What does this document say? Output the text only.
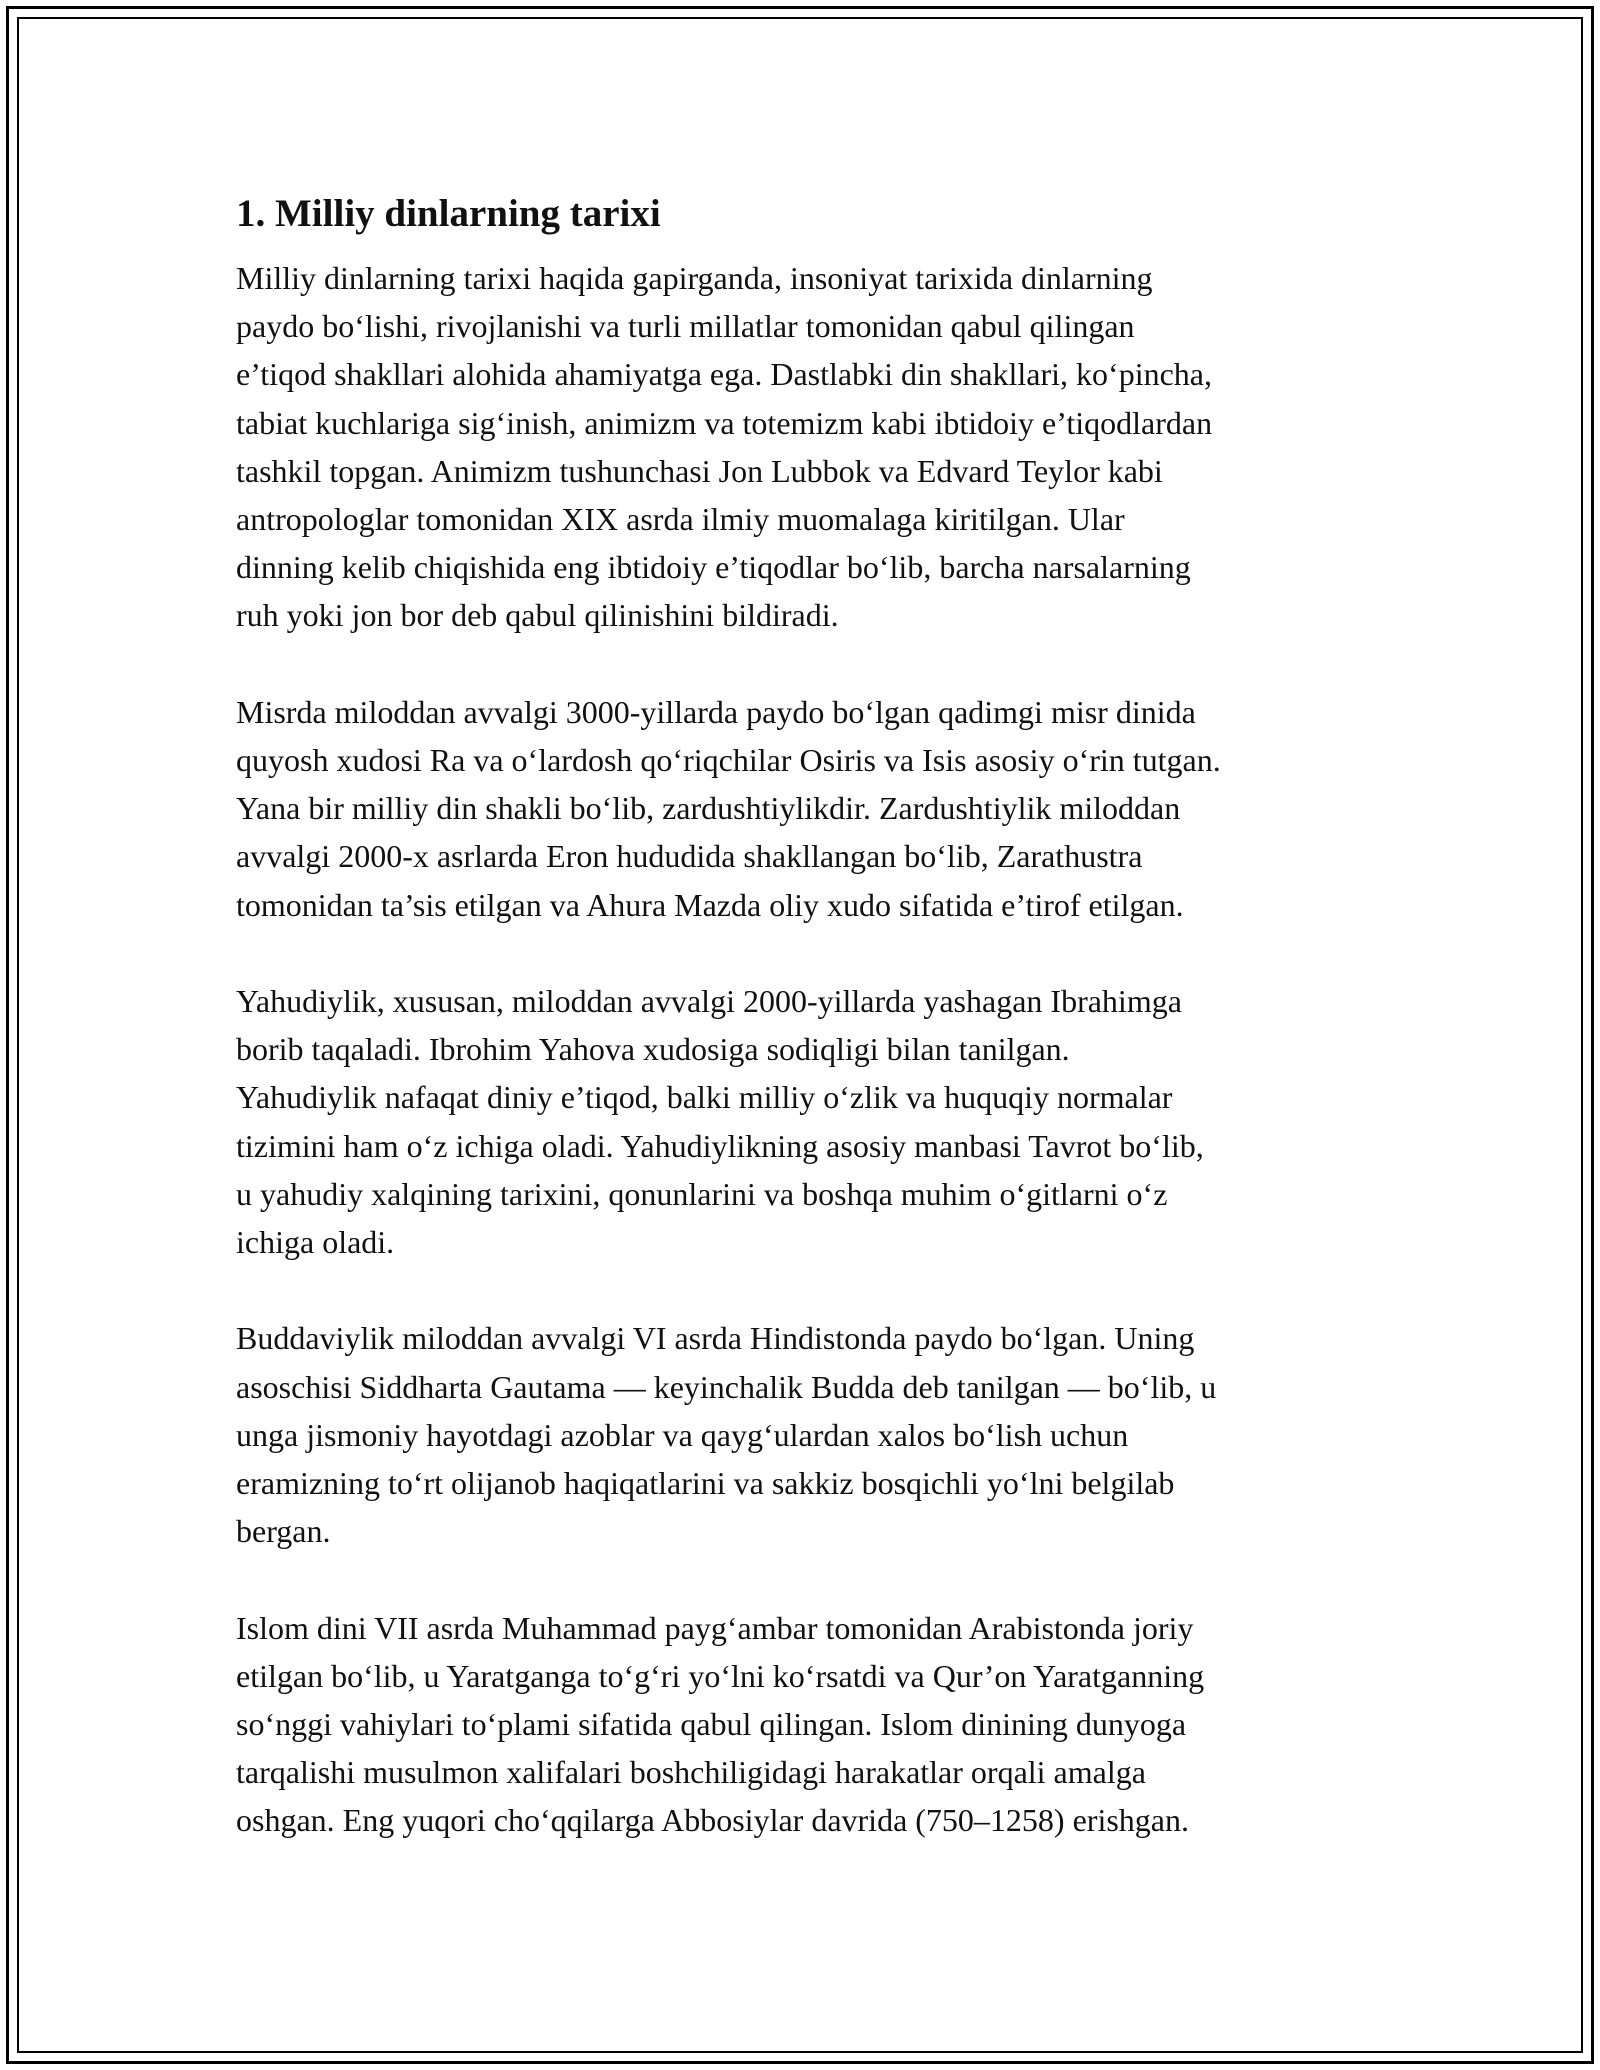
1. Milliy dinlarning tarixi

Milliy dinlarning tarixi haqida gapirganda, insoniyat tarixida dinlarning
paydo bo‘lishi, rivojlanishi va turli millatlar tomonidan qabul qilingan
e’tiqod shakllari alohida ahamiyatga ega. Dastlabki din shakllari, ko‘pincha,
tabiat kuchlariga sig‘inish, animizm va totemizm kabi ibtidoiy e’tiqodlardan
tashkil topgan. Animizm tushunchasi Jon Lubbok va Edvard Teylor kabi
antropologlar tomonidan XIX asrda ilmiy muomalaga kiritilgan. Ular
dinning kelib chiqishida eng ibtidoiy e’tiqodlar bo‘lib, barcha narsalarning
ruh yoki jon bor deb qabul qilinishini bildiradi.

Misrda miloddan avvalgi 3000-yillarda paydo bo‘lgan qadimgi misr dinida
quyosh xudosi Ra va o‘lardosh qo‘riqchilar Osiris va Isis asosiy o‘rin tutgan.
Yana bir milliy din shakli bo‘lib, zardushtiylikdir. Zardushtiylik miloddan
avvalgi 2000-x asrlarda Eron hududida shakllangan bo‘lib, Zarathustra
tomonidan ta’sis etilgan va Ahura Mazda oliy xudo sifatida e’tirof etilgan.

Yahudiylik, xususan, miloddan avvalgi 2000-yillarda yashagan Ibrahimga
borib taqaladi. Ibrohim Yahova xudosiga sodiqligi bilan tanilgan.
Yahudiylik nafaqat diniy e’tiqod, balki milliy o‘zlik va huquqiy normalar
tizimini ham o‘z ichiga oladi. Yahudiylikning asosiy manbasi Tavrot bo‘lib,
u yahudiy xalqining tarixini, qonunlarini va boshqa muhim o‘gitlarni o‘z
ichiga oladi.

Buddaviylik miloddan avvalgi VI asrda Hindistonda paydo bo‘lgan. Uning
asoschisi Siddharta Gautama — keyinchalik Budda deb tanilgan — bo‘lib, u
unga jismoniy hayotdagi azoblar va qayg‘ulardan xalos bo‘lish uchun
eramizning to‘rt olijanob haqiqatlarini va sakkiz bosqichli yo‘lni belgilab
bergan.

Islom dini VII asrda Muhammad payg‘ambar tomonidan Arabistonda joriy
etilgan bo‘lib, u Yaratganga to‘g‘ri yo‘lni ko‘rsatdi va Qur’on Yaratganning
so‘nggi vahiylari to‘plami sifatida qabul qilingan. Islom dinining dunyoga
tarqalishi musulmon xalifalari boshchiligidagi harakatlar orqali amalga
oshgan. Eng yuqori cho‘qqilarga Abbosiylar davrida (750–1258) erishgan.
